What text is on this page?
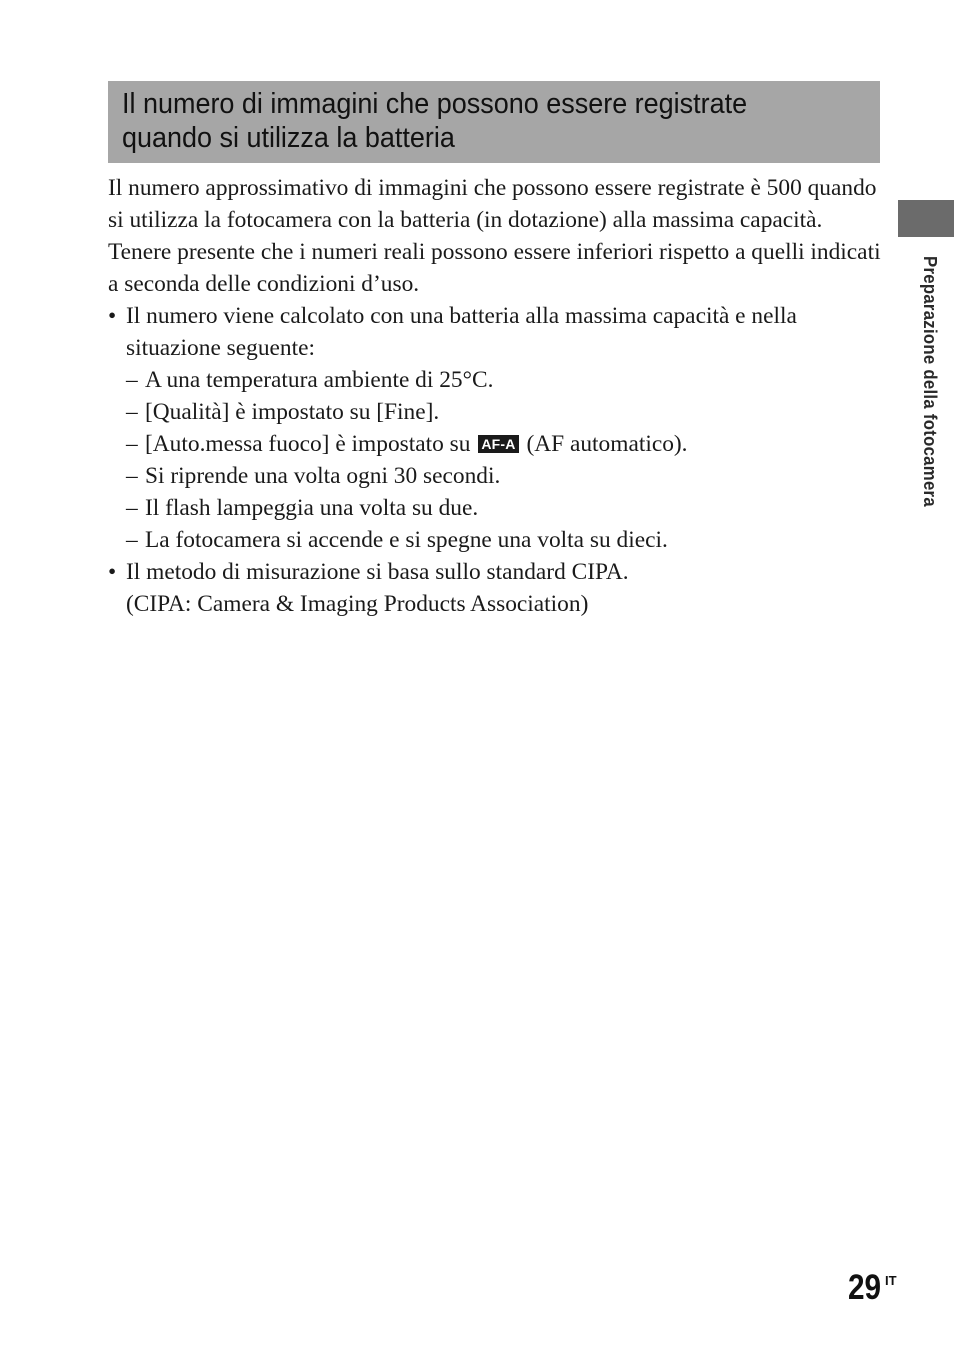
Il numero di immagini che possono essere registrate
quando si utilizza la batteria

Il numero approssimativo di immagini che possono essere registrate è 500 quando si utilizza la fotocamera con la batteria (in dotazione) alla massima capacità.

Tenere presente che i numeri reali possono essere inferiori rispetto a quelli indicati a seconda delle condizioni d’uso.

• Il numero viene calcolato con una batteria alla massima capacità e nella situazione seguente:
– A una temperatura ambiente di 25°C.
– [Qualità] è impostato su [Fine].
– [Auto.messa fuoco] è impostato su AF-A (AF automatico).
– Si riprende una volta ogni 30 secondi.
– Il flash lampeggia una volta su due.
– La fotocamera si accende e si spegne una volta su dieci.
• Il metodo di misurazione si basa sullo standard CIPA.
(CIPA: Camera & Imaging Products Association)
Preparazione della fotocamera
29 IT
